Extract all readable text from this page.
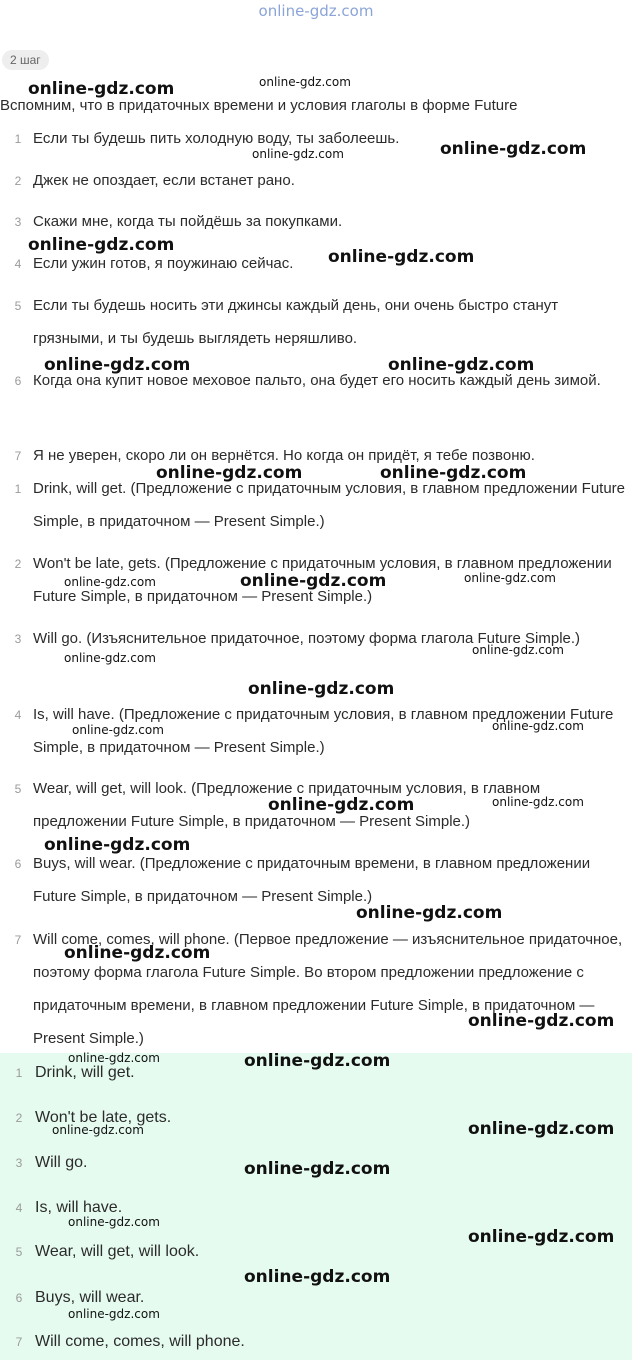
online-gdz.com
2 шаг
Вспомним, что в придаточных времени и условия глаголы в форме Future
1 Если ты будешь пить холодную воду, ты заболеешь.
2 Джек не опоздает, если встанет рано.
3 Скажи мне, когда ты пойдёшь за покупками.
4 Если ужин готов, я поужинаю сейчас.
5 Если ты будешь носить эти джинсы каждый день, они очень быстро станут грязными, и ты будешь выглядеть неряшливо.
6 Когда она купит новое меховое пальто, она будет его носить каждый день зимой.
7 Я не уверен, скоро ли он вернётся. Но когда он придёт, я тебе позвоню.
1 Drink, will get. (Предложение с придаточным условия, в главном предложении Future Simple, в придаточном — Present Simple.)
2 Won't be late, gets. (Предложение с придаточным условия, в главном предложении Future Simple, в придаточном — Present Simple.)
3 Will go. (Изъяснительное придаточное, поэтому форма глагола Future Simple.)
4 Is, will have. (Предложение с придаточным условия, в главном предложении Future Simple, в придаточном — Present Simple.)
5 Wear, will get, will look. (Предложение с придаточным условия, в главном предложении Future Simple, в придаточном — Present Simple.)
6 Buys, will wear. (Предложение с придаточным времени, в главном предложении Future Simple, в придаточном — Present Simple.)
7 Will come, comes, will phone. (Первое предложение — изъяснительное придаточное, поэтому форма глагола Future Simple. Во втором предложении предложение с придаточным времени, в главном предложении Future Simple, в придаточном — Present Simple.)
1 Drink, will get.
2 Won't be late, gets.
3 Will go.
4 Is, will have.
5 Wear, will get, will look.
6 Buys, will wear.
7 Will come, comes, will phone.
online-gdz.com	online-gdz.com
online-gdz.com
online-gdz.com
online-gdz.com
online-gdz.com
online-gdz.com	online-gdz.com
online-gdz.com	online-gdz.com
online-gdz.com	online-gdz.com	online-gdz.com
online-gdz.com
online-gdz.com
online-gdz.com
online-gdz.com	online-gdz.com
online-gdz.com	online-gdz.com
online-gdz.com
online-gdz.com
online-gdz.com
online-gdz.com
online-gdz.com	online-gdz.com
online-gdz.com	online-gdz.com
online-gdz.com
online-gdz.com
online-gdz.com
online-gdz.com
online-gdz.com
